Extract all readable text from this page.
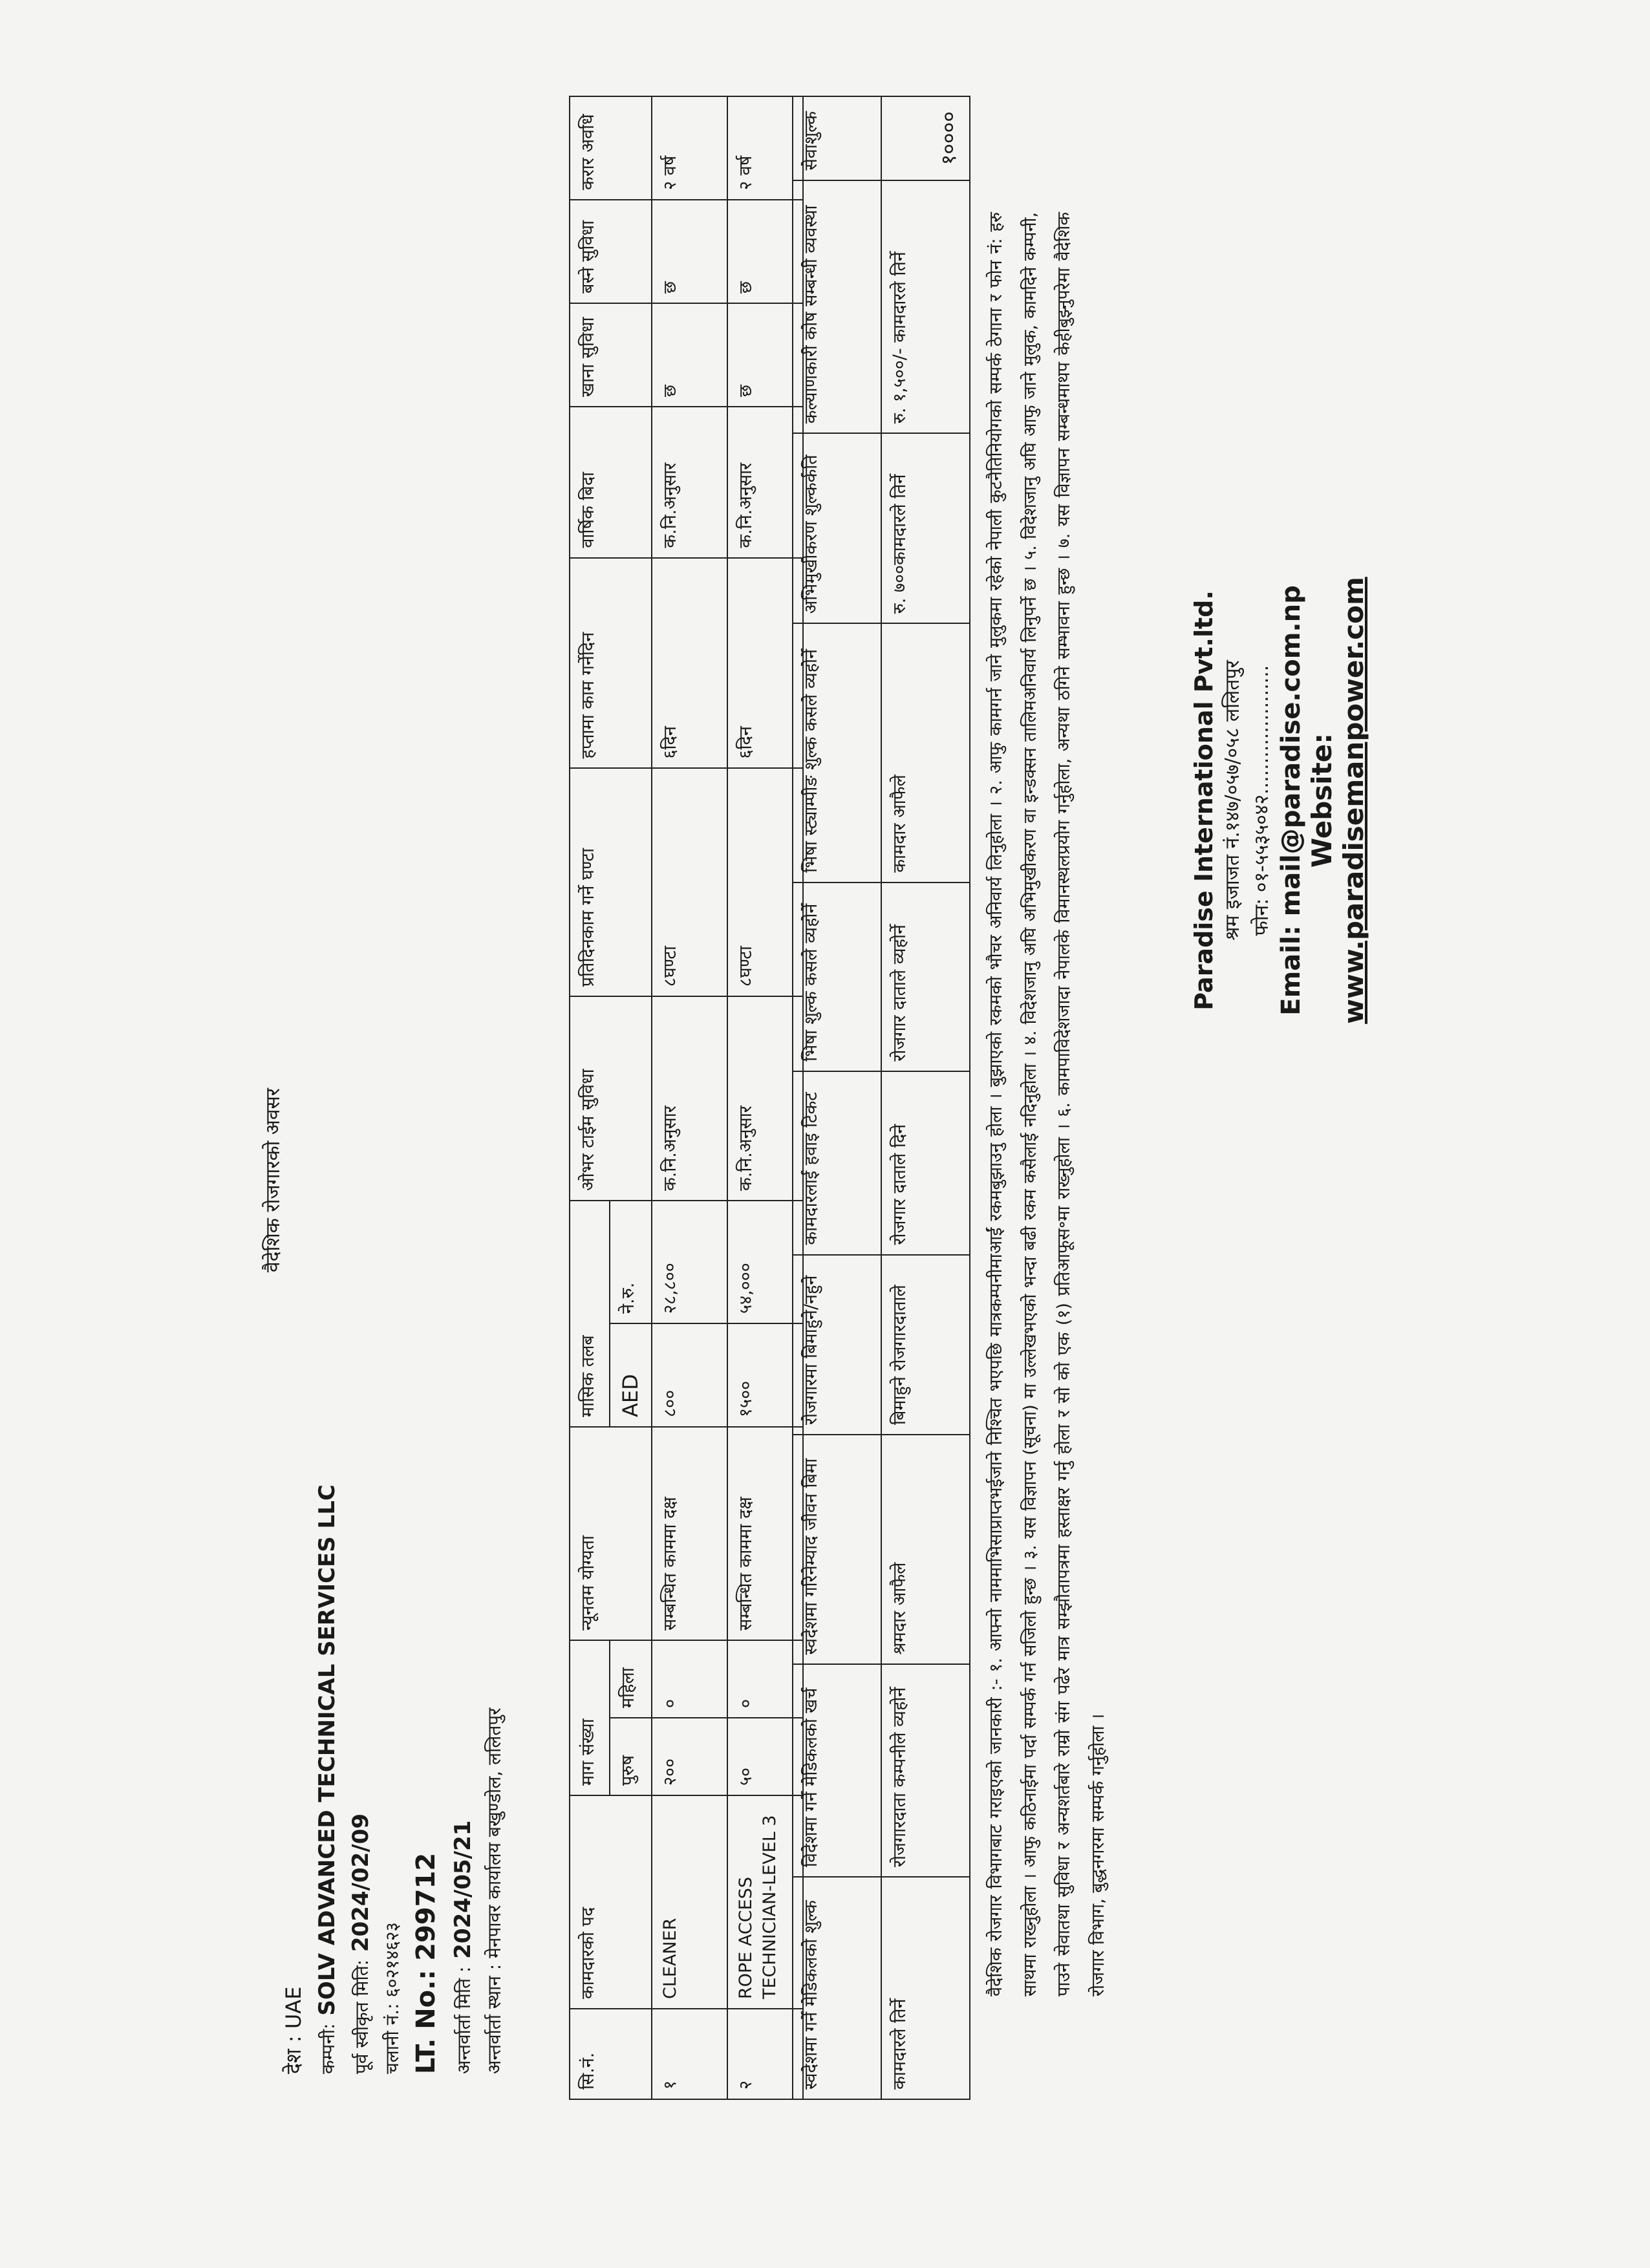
वैदेशिक रोजगारको अवसर
देश : UAE कम्पनी: SOLV ADVANCED TECHNICAL SERVICES LLC
पूर्व स्वीकृत मिति: 2024/02/09
चलानी नं.: ६०२१४६२३ LT. No.: 299712 अन्तर्वार्ता मिति : 2024/05/21 अन्तर्वार्ता स्थान : मेनपावर कार्यालय बखुण्डोल, ललितपुर	सि.नं.	कामदारको पद	माग संख्या		न्यूनतम योग्यता	मासिक तलब		ओभर टाईम सुविधा	प्रतिदिनकाम गर्ने घण्टा	हप्तामा काम गर्नेदिन	वार्षिक बिदा	खाना सुविधा	बस्ने सुविधा	करार अवधि
		पुरुष	महिला		AED	ने.रु.							
१	CLEANER	२००	०	सम्बन्धित काममा दक्ष	८००	२८,८००	क.नि.अनुसार	८घण्टा	६दिन	क.नि.अनुसार	छ	छ	२ वर्ष
२	ROPE ACCESS TECHNICIAN-LEVEL 3	५०	०	सम्बन्धित काममा दक्ष	१५००	५४,०००	क.नि.अनुसार	८घण्टा	६दिन	क.नि.अनुसार	छ	छ	२ वर्ष
स्वदेशमा गर्ने मेडिकलको शुल्क	विदेशमा गर्ने मेडिकलको खर्च	स्वदेशमा गरिनेम्याद जीवन बिमा	रोजगारमा बिमाहुने/नहुने	कामदारलाई हवाइ टिकट	भिषा शुल्क कसले व्यहोर्ने	भिषा स्ट्याम्पीङ शुल्क कसले व्यहोर्ने	अभिमुखीकरण शुल्कर्कति	कल्याणकारी कोष सम्बन्धी व्यवस्था	सेवाशुल्क
कामदारले तिर्ने	रोजगारदाता कम्पनीले व्यहोर्ने	श्रमदार आफैले	बिमाहुने रोजगारदाताले	रोजगार दाताले दिने	रोजगार दाताले व्यहोर्ने	कामदार आफैले	रु. ७००कामदारले तिर्ने	रु. १,५००/- कामदारले तिर्ने	१००००
वैदेशिक रोजगार विभागबाट गराइएको जानकारी :- १. आफ्नो नाममाभिसाप्राप्तभईजाने निश्चित भएपछि मात्रकम्पनीमाआईं रकमबुझाउनु होला । बुझाएको रकमको भौचर अनिवार्य लिनुहोला । २. आफु कामगर्न जाने मुलुकमा रहेको नेपाली कुटनैतिनियोगको सम्पर्क ठेगाना र फोन नं: हरु साथमा राख्नुहोला । आफु कठिनाईमा पर्दा सम्पर्क गर्न सजिलो हुन्छ । ३. यस विज्ञापन (सूचना) मा उल्लेखभएको भन्दा बढी रकम कसैलाई नदिनुहोला । ४. विदेशजानु अघि अभिमुखीकरण वा इन्डक्सन तालिमअनिवार्य लिनुपर्ने छ । ५. विदेशजानु अघि आफु जाने मुलुक, कामदिने कम्पनी, पाउने सेवातथा सुविधा र अन्यशर्तबारे राम्रो संग पढेर मात्र सम्झौतापत्रमा हस्ताक्षर गर्नु होला र सो को एक (१) प्रतिआफूस॰मा राख्नुहोला । ६. कामपाविदेशजादा नेपालके विमानस्थलप्रयोग गर्नुहोला, अन्यथा ठगिने सम्भावना हुन्छ । ७. यस विज्ञापन सम्बन्धमाथप केहीबुझ्नुपरेमा वैदेशिक रोजगार विभाग, बुद्धनगरमा सम्पर्क गर्नुहोला ।
Paradise International Pvt.ltd. श्रम इजाजत नं.१४७/०५७/०५८ ललितपुर फोन: ०१-५५३५०४२..................... Email: mail@paradise.com.np Website: www.paradisemanpower.com
